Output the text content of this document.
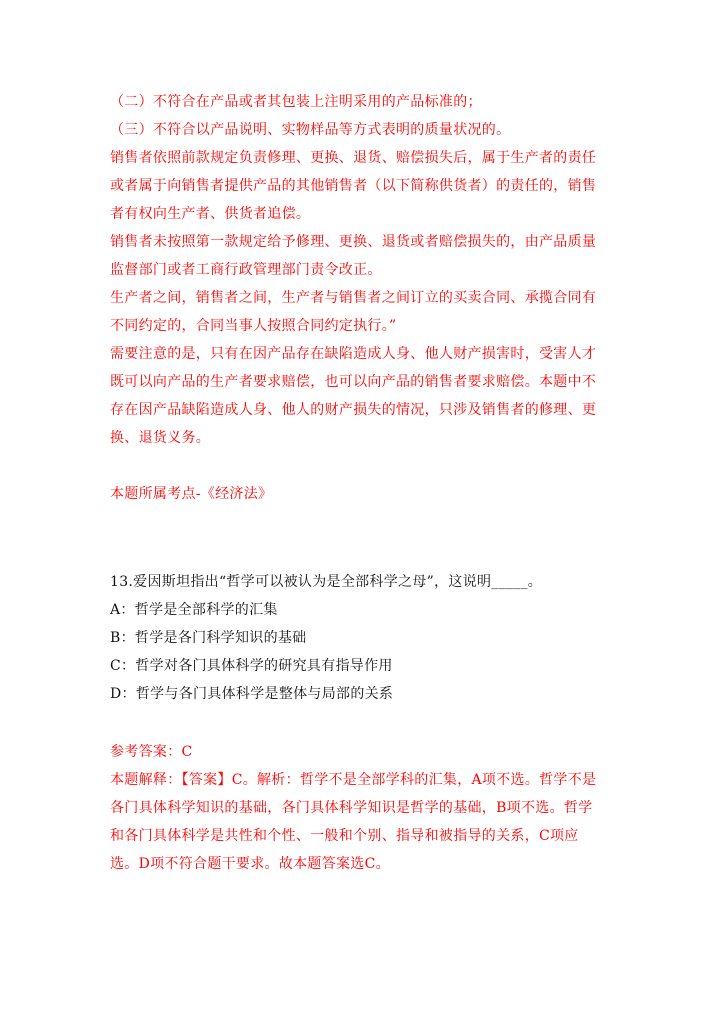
（二）不符合在产品或者其包装上注明采用的产品标准的；
（三）不符合以产品说明、实物样品等方式表明的质量状况的。
销售者依照前款规定负责修理、更换、退货、赔偿损失后，属于生产者的责任
或者属于向销售者提供产品的其他销售者（以下简称供货者）的责任的，销售
者有权向生产者、供货者追偿。
销售者未按照第一款规定给予修理、更换、退货或者赔偿损失的，由产品质量
监督部门或者工商行政管理部门责令改正。
生产者之间，销售者之间，生产者与销售者之间订立的买卖合同、承揽合同有
不同约定的，合同当事人按照合同约定执行。”
需要注意的是，只有在因产品存在缺陷造成人身、他人财产损害时，受害人才
既可以向产品的生产者要求赔偿，也可以向产品的销售者要求赔偿。本题中不
存在因产品缺陷造成人身、他人的财产损失的情况，只涉及销售者的修理、更
换、退货义务。
本题所属考点-《经济法》
13.爱因斯坦指出“哲学可以被认为是全部科学之母”，这说明_____。
A：哲学是全部科学的汇集
B：哲学是各门科学知识的基础
C：哲学对各门具体科学的研究具有指导作用
D：哲学与各门具体科学是整体与局部的关系
参考答案：C
本题解释：【答案】C。解析：哲学不是全部学科的汇集，A项不选。哲学不是
各门具体科学知识的基础，各门具体科学知识是哲学的基础，B项不选。哲学
和各门具体科学是共性和个性、一般和个别、指导和被指导的关系，C项应
选。D项不符合题干要求。故本题答案选C。
